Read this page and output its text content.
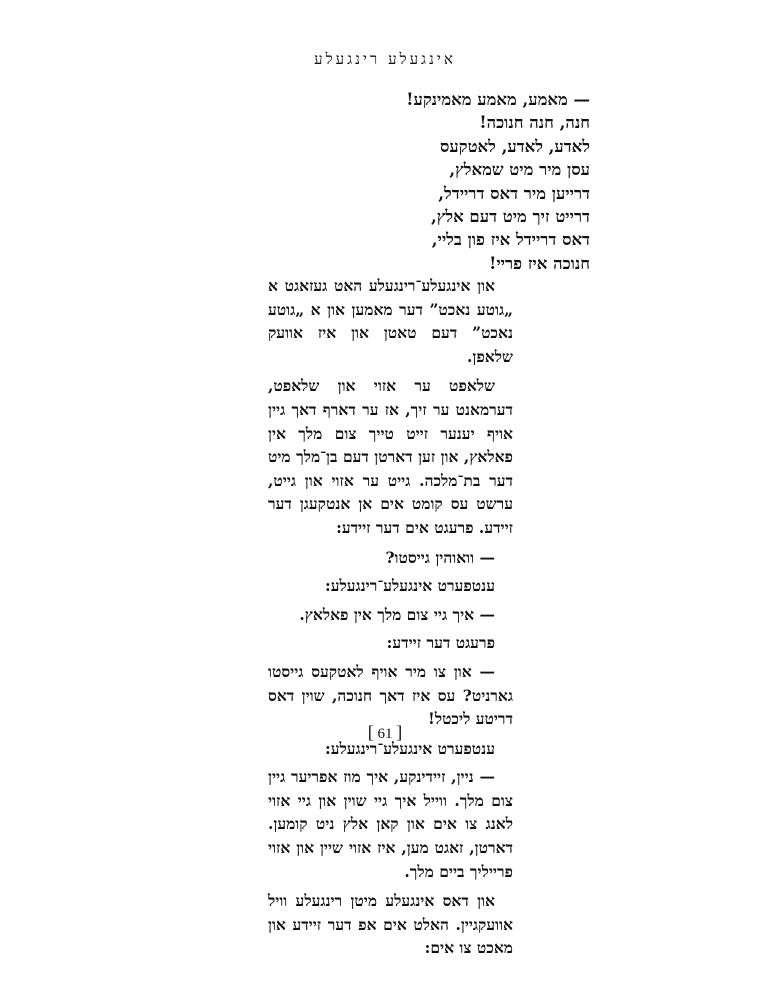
אינגעלע רינגעלע
— מאמע, מאמע מאמינקע!
חנה, חנה חנוכה!
לאדע, לאדע, לאטקעס
עסן מיר מיט שמאלץ,
דרייען מיר דאס דריידל,
דרייט זיך מיט דעם אלץ,
דאס דריידל איז פון בליי,
חנוכה איז פריי!
און אינגעלע־רינגעלע האט געזאגט א „גוטע נאכט” דער מאמען און א „גוטע נאכט” דעם טאטן און איז אוועק שלאפן.
שלאפט ער אזוי און שלאפט, דערמאנט ער זיך, אז ער דארף דאך גיין אויף יענער זייט טייך צום מלך אין פאלאץ, און זען דארטן דעם בן־מלך מיט דער בת־מלכה. גייט ער אזוי און גייט, ערשט עס קומט אים אן אנטקעגן דער זיידע. פרעגט אים דער זיידע:
— וואוהין גייסטו?
ענטפערט אינגעלע־רינגעלע:
— איך גיי צום מלך אין פאלאץ.
פרעגט דער זיידע:
— און צו מיר אויף לאטקעס גייסטו גארניט? עס איז דאך חנוכה, שוין דאס דריטע ליכטל!
ענטפערט אינגעלע־רינגעלע:
— ניין, זיידינקע, איך מוז אפריער גיין צום מלך. ווייל איך גיי שוין און גיי אזוי לאנג צו אים און קאן אלץ ניט קומען. דארטן, זאגט מען, איז אזוי שיין און אזוי פרייליך ביים מלך.
און דאס אינגעלע מיטן רינגעלע וויל אוועקגיין. האלט אים אפ דער זיידע און מאכט צו אים:
[ 61 ]
